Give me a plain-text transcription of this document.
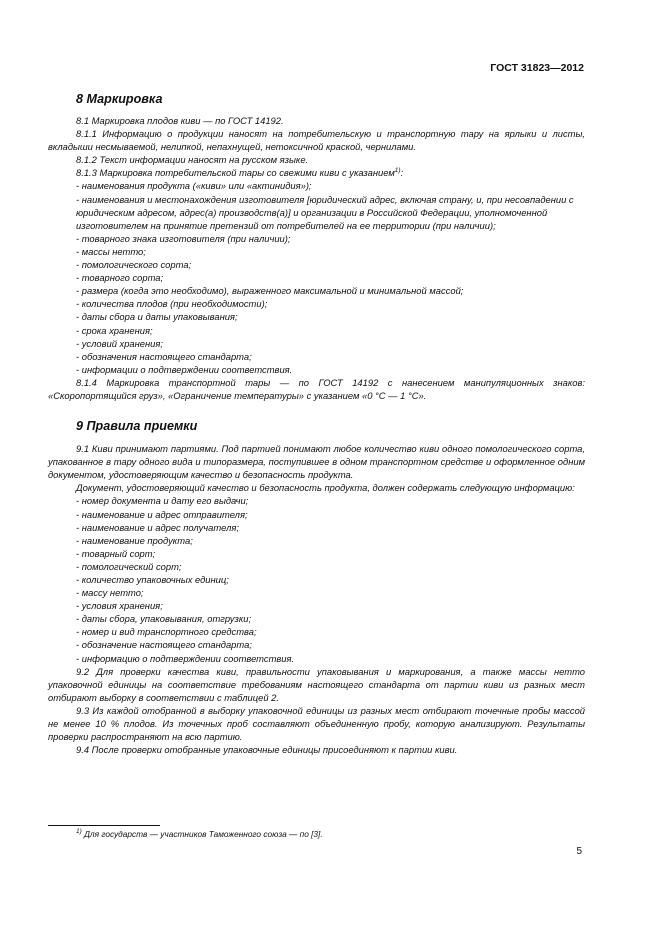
ГОСТ 31823—2012
8 Маркировка

8.1 Маркировка плодов киви — по ГОСТ 14192.

8.1.1 Информацию о продукции наносят на потребительскую и транспортную тару на ярлыки и листы, вкладыши несмываемой, нелипкой, непахнущей, нетоксичной краской, чернилами.

8.1.2 Текст информации наносят на русском языке.

8.1.3 Маркировка потребительской тары со свежими киви с указанием$^{1)}$:

- наименования продукта («киви» или «актинидия»);

- наименования и местонахождения изготовителя [юридический адрес, включая страну, и, при несовпадении с юридическим адресом, адрес(а) производств(а)] и организации в Российской Федерации, уполномоченной изготовителем на принятие претензий от потребителей на ее территории (при наличии);

- товарного знака изготовителя (при наличии);

- массы нетто;

- помологического сорта;

- товарного сорта;

- размера (когда это необходимо), выраженного максимальной и минимальной массой;

- количества плодов (при необходимости);

- даты сбора и даты упаковывания;

- срока хранения;

- условий хранения;

- обозначения настоящего стандарта;

- информации о подтверждении соответствия.

8.1.4 Маркировка транспортной тары — по ГОСТ 14192 с нанесением манипуляционных знаков: «Скоропортящийся груз», «Ограничение температуры» с указанием «0 °С — 1 °С».

9 Правила приемки

9.1 Киви принимают партиями. Под партией понимают любое количество киви одного помологического сорта, упакованное в тару одного вида и типоразмера, поступившее в одном транспортном средстве и оформленное одним документом, удостоверяющим качество и безопасность продукта.

Документ, удостоверяющий качество и безопасность продукта, должен содержать следующую информацию:

- номер документа и дату его выдачи;

- наименование и адрес отправителя;

- наименование и адрес получателя;

- наименование продукта;

- товарный сорт;

- помологический сорт;

- количество упаковочных единиц;

- массу нетто;

- условия хранения;

- даты сбора, упаковывания, отгрузки;

- номер и вид транспортного средства;

- обозначение настоящего стандарта;

- информацию о подтверждении соответствия.

9.2 Для проверки качества киви, правильности упаковывания и маркирования, а также массы нетто упаковочной единицы на соответствие требованиям настоящего стандарта от партии киви из разных мест отбирают выборку в соответствии с таблицей 2.

9.3 Из каждой отобранной в выборку упаковочной единицы из разных мест отбирают точечные пробы массой не менее 10 % плодов. Из точечных проб составляют объединенную пробу, которую анализируют. Результаты проверки распространяют на всю партию.

9.4 После проверки отобранные упаковочные единицы присоединяют к партии киви.

$^{1)}$ Для государств — участников Таможенного союза — по [3].
5
